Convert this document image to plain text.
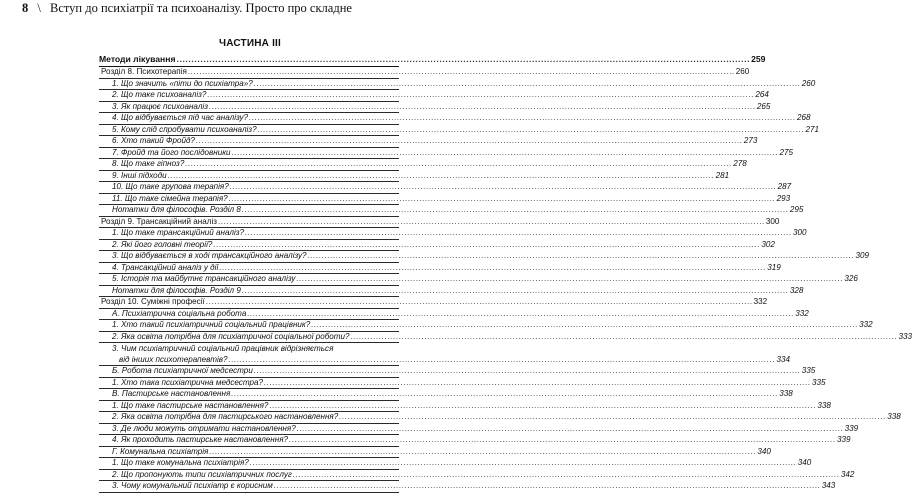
8 \ Вступ до психіатрії та психоаналізу. Просто про складне
ЧАСТИНА III
Методи лікування .....	259
Розділ 8. Психотерапія .....	260
1. Що значить «піти до психіатра»? .....	260
2. Що таке психоаналіз? .....	264
3. Як працює психоаналіз .....	265
4. Що відбувається під час аналізу? .....	268
5. Кому слід спробувати психоаналіз? .....	271
6. Хто такий Фройд? .....	273
7. Фройд та його послідовники .....	275
8. Що таке гіпноз? .....	278
9. Інші підходи .....	281
10. Що таке групова терапія? .....	287
11. Що таке сімейна терапія? .....	293
Нотатки для філософів. Розділ 8 .....	295
Розділ 9. Трансакційний аналіз .....	300
1. Що таке трансакційний аналіз? .....	300
2. Які його головні теорії? .....	302
3. Що відбувається в ході трансакційного аналізу? .....	309
4. Трансакційний аналіз у дії .....	319
5. Історія та майбутнє трансакційного аналізу .....	326
Нотатки для філософів. Розділ 9 .....	328
Розділ 10. Суміжні професії .....	332
А. Психіатрична соціальна робота .....	332
1. Хто такий психіатричний соціальний працівник? .....	332
2. Яка освіта потрібна для психіатричної соціальної роботи? .....	333
3. Чим психіатричний соціальний працівник відрізняється
від інших психотерапевтів? .....	334
Б. Робота психіатричної медсестри .....	335
1. Хто така психіатрична медсестра? .....	335
В. Пастирське настановлення .....	338
1. Що таке пастирське настановлення? .....	338
2. Яка освіта потрібна для пастирського настановлення? .....	338
3. Де люди можуть отримати настановлення? .....	339
4. Як проходить пастирське настановлення? .....	339
Г. Комунальна психіатрія .....	340
1. Що таке комунальна психіатрія? .....	340
2. Що пропонують типи психіатричних послуг .....	342
3. Чому комунальний психіатр є корисним .....	343
